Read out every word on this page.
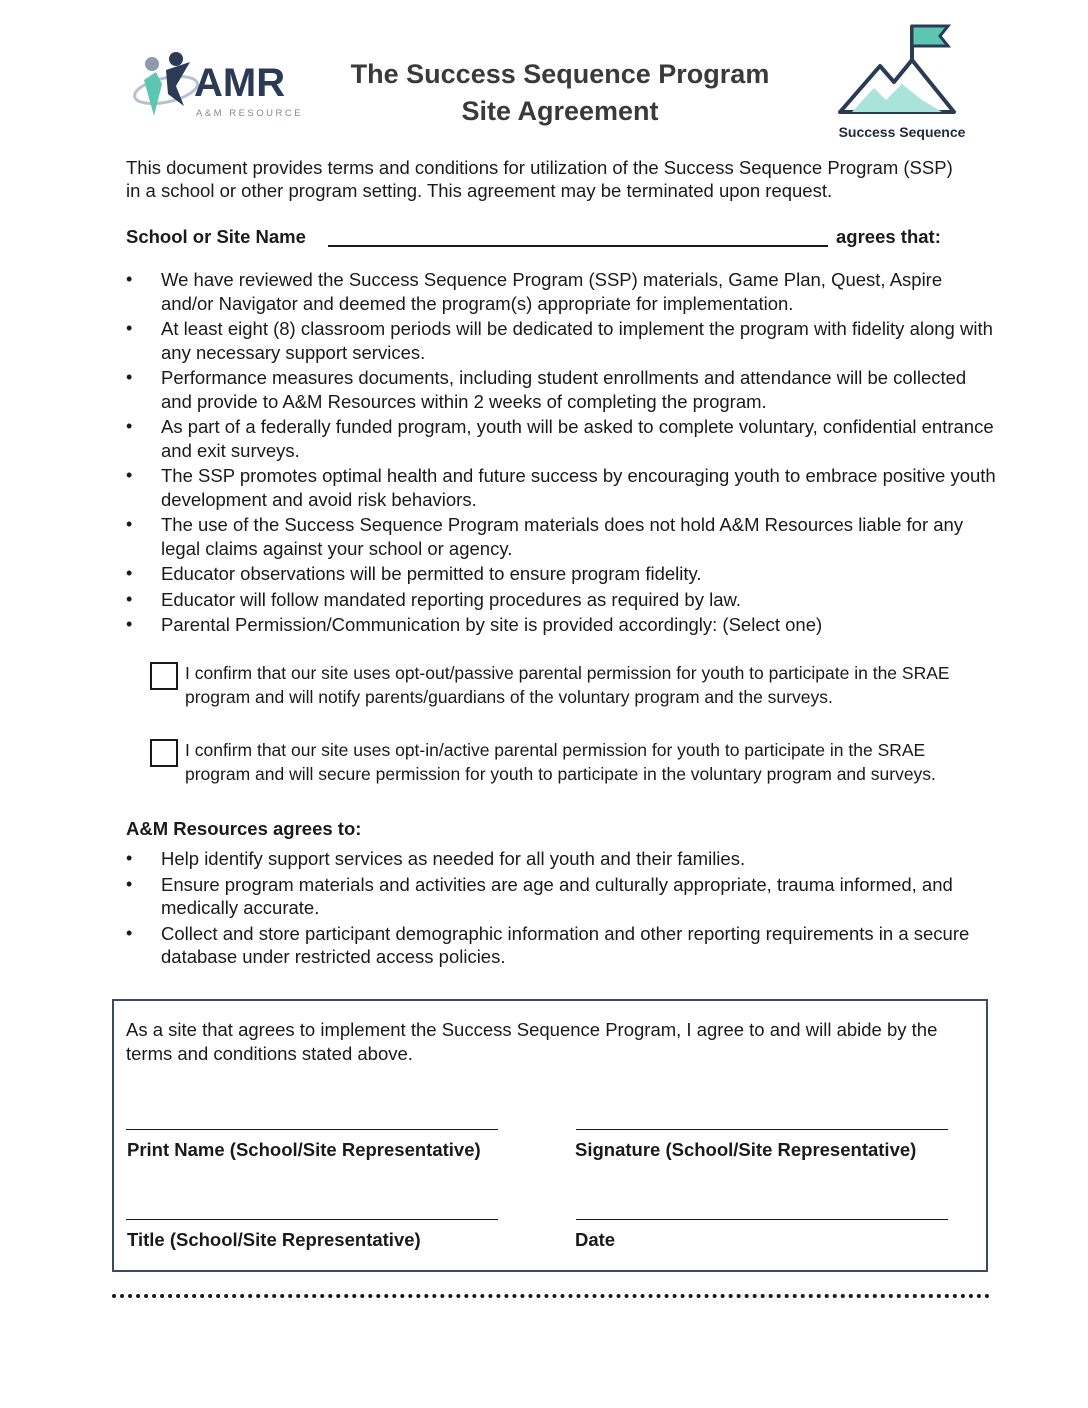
AMR
A&M RESOURCES
The Success Sequence Program
Site Agreement
Success Sequence
This document provides terms and conditions for utilization of the Success Sequence Program (SSP) in a school or other program setting. This agreement may be terminated upon request.
School or Site Name	agrees that:
• We have reviewed the Success Sequence Program (SSP) materials, Game Plan, Quest, Aspire and/or Navigator and deemed the program(s) appropriate for implementation.
• At least eight (8) classroom periods will be dedicated to implement the program with fidelity along with any necessary support services.
• Performance measures documents, including student enrollments and attendance will be collected and provide to A&M Resources within 2 weeks of completing the program.
• As part of a federally funded program, youth will be asked to complete voluntary, confidential entrance and exit surveys.
• The SSP promotes optimal health and future success by encouraging youth to embrace positive youth development and avoid risk behaviors.
• The use of the Success Sequence Program materials does not hold A&M Resources liable for any legal claims against your school or agency.
• Educator observations will be permitted to ensure program fidelity.
• Educator will follow mandated reporting procedures as required by law.
• Parental Permission/Communication by site is provided accordingly: (Select one)
I confirm that our site uses opt-out/passive parental permission for youth to participate in the SRAE program and will notify parents/guardians of the voluntary program and the surveys.
I confirm that our site uses opt-in/active parental permission for youth to participate in the SRAE program and will secure permission for youth to participate in the voluntary program and surveys.
A&M Resources agrees to:
• Help identify support services as needed for all youth and their families.
• Ensure program materials and activities are age and culturally appropriate, trauma informed, and medically accurate.
• Collect and store participant demographic information and other reporting requirements in a secure database under restricted access policies.
As a site that agrees to implement the Success Sequence Program, I agree to and will abide by the terms and conditions stated above.
Print Name (School/Site Representative)	Signature (School/Site Representative)
Title (School/Site Representative)	Date
